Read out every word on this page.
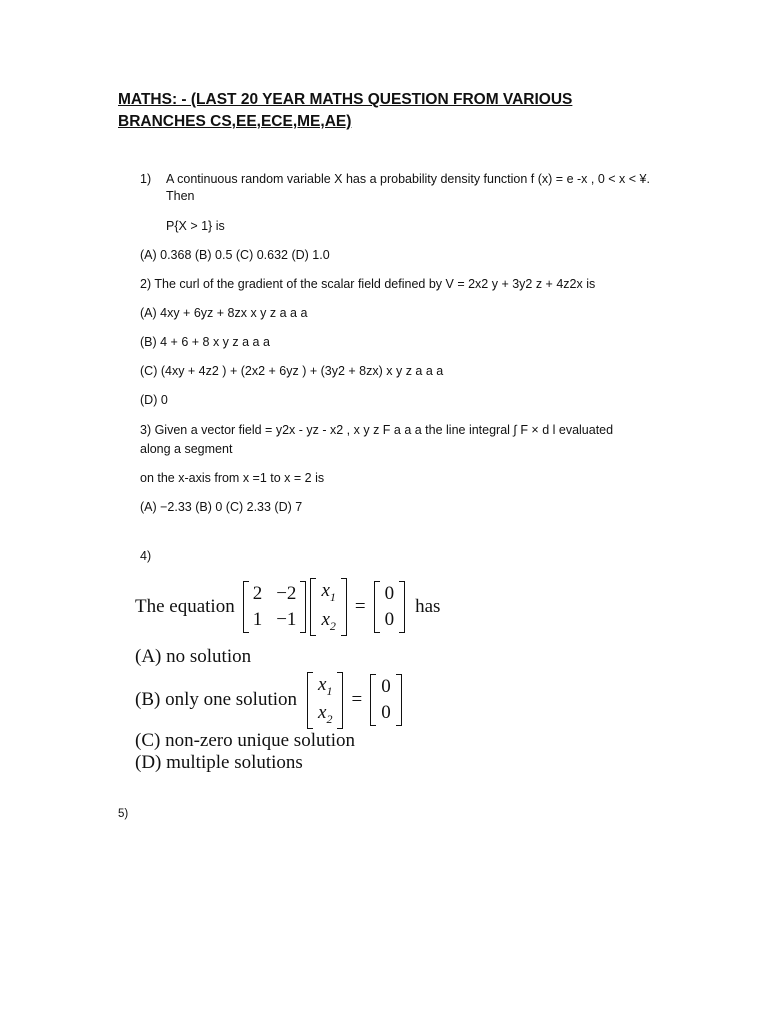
MATHS: - (LAST 20 YEAR MATHS QUESTION FROM VARIOUS BRANCHES CS,EE,ECE,ME,AE)

1) A continuous random variable X has a probability density function f (x) = e -x , 0 < x < ¥. Then
P{X > 1} is
(A) 0.368 (B) 0.5 (C) 0.632 (D) 1.0
2) The curl of the gradient of the scalar field defined by V = 2x2 y + 3y2 z + 4z2x is
(A) 4xy + 6yz + 8zx x y z a a a
(B) 4 + 6 + 8 x y z a a a
(C) (4xy + 4z2 ) + (2x2 + 6yz ) + (3y2 + 8zx) x y z a a a
(D) 0
3) Given a vector field = y2x - yz - x2 , x y z F a a a the line integral ∫ F × d l evaluated along a segment
on the x-axis from x =1 to x = 2 is
(A) −2.33 (B) 0 (C) 2.33 (D) 7
4)
The equation
2 −2
1 −1
$x_1$
$x_2$
=
0
0
has
(A) no solution
(B) only one solution
$x_1$
$x_2$
=
0
0
(C) non-zero unique solution
(D) multiple solutions
5)
